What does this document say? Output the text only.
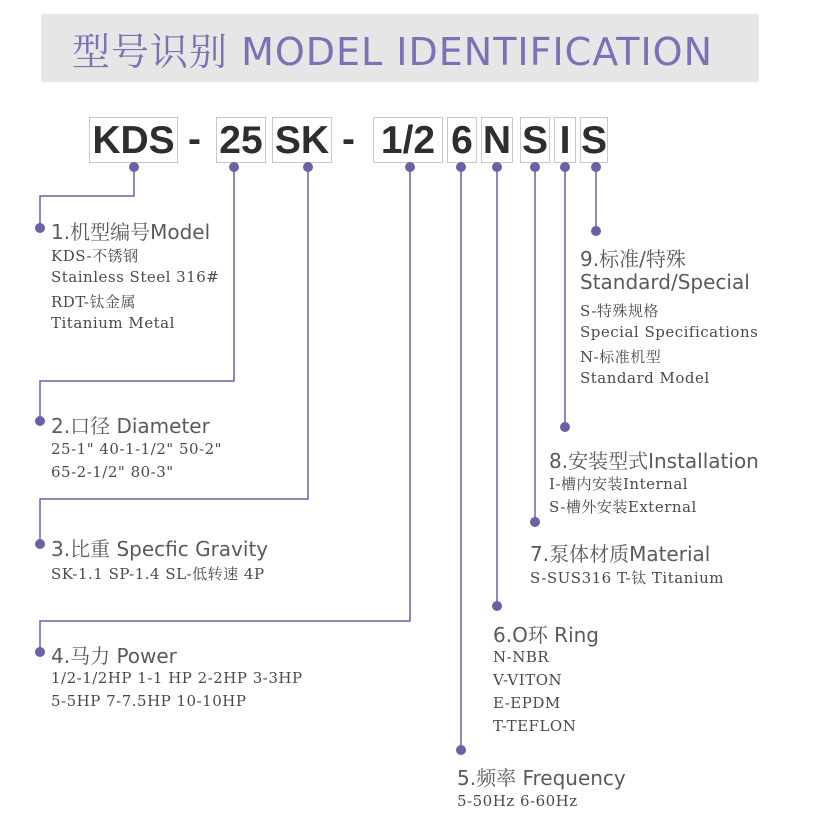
型号识别 MODEL IDENTIFICATION
KDS - 25 SK - 1/2 6 N S I S
1.机型编号Model
KDS-不锈钢
Stainless Steel 316#
RDT-钛金属
Titanium Metal
2.口径 Diameter
25-1" 40-1-1/2" 50-2"
65-2-1/2" 80-3"
3.比重 Specfic Gravity
SK-1.1 SP-1.4 SL-低转速 4P
4.马力 Power
1/2-1/2HP 1-1 HP 2-2HP 3-3HP
5-5HP 7-7.5HP 10-10HP
5.频率 Frequency
5-50Hz 6-60Hz
6.O环 Ring
N-NBR
V-VITON
E-EPDM
T-TEFLON
7.泵体材质Material
S-SUS316 T-钛 Titanium
8.安装型式Installation
I-槽内安装Internal
S-槽外安装External
9.标准/特殊
Standard/Special
S-特殊规格
Special Specifications
N-标准机型
Standard Model
